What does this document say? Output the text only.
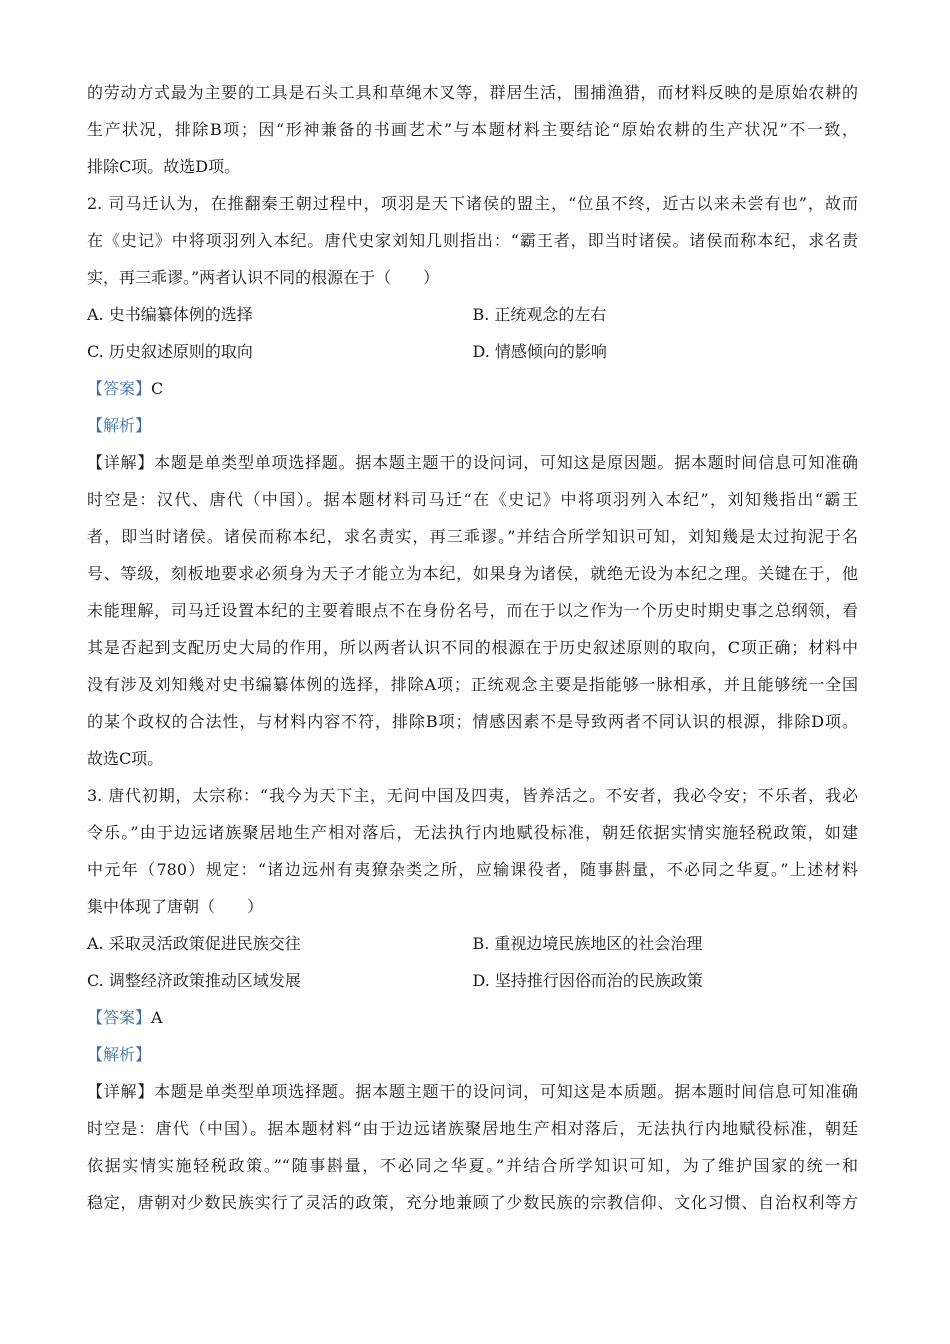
的劳动方式最为主要的工具是石头工具和草绳木叉等，群居生活，围捕渔猎，而材料反映的是原始农耕的
生产状况，排除B项；因“形神兼备的书画艺术”与本题材料主要结论“原始农耕的生产状况”不一致，
排除C项。故选D项。
2. 司马迁认为，在推翻秦王朝过程中，项羽是天下诸侯的盟主，“位虽不终，近古以来未尝有也”，故而
在《史记》中将项羽列入本纪。唐代史家刘知几则指出：“霸王者，即当时诸侯。诸侯而称本纪，求名责
实，再三乖谬。”两者认识不同的根源在于（　　）
A. 史书编纂体例的选择	B. 正统观念的左右
C. 历史叙述原则的取向	D. 情感倾向的影响
【答案】C
【解析】
【详解】本题是单类型单项选择题。据本题主题干的设问词，可知这是原因题。据本题时间信息可知准确
时空是：汉代、唐代（中国）。据本题材料司马迁“在《史记》中将项羽列入本纪”，刘知幾指出“霸王
者，即当时诸侯。诸侯而称本纪，求名责实，再三乖谬。”并结合所学知识可知，刘知幾是太过拘泥于名
号、等级，刻板地要求必须身为天子才能立为本纪，如果身为诸侯，就绝无设为本纪之理。关键在于，他
未能理解，司马迁设置本纪的主要着眼点不在身份名号，而在于以之作为一个历史时期史事之总纲领，看
其是否起到支配历史大局的作用，所以两者认识不同的根源在于历史叙述原则的取向，C项正确；材料中
没有涉及刘知幾对史书编纂体例的选择，排除A项；正统观念主要是指能够一脉相承，并且能够统一全国
的某个政权的合法性，与材料内容不符，排除B项；情感因素不是导致两者不同认识的根源，排除D项。
故选C项。
3. 唐代初期，太宗称：“我今为天下主，无问中国及四夷，皆养活之。不安者，我必令安；不乐者，我必
令乐。”由于边远诸族聚居地生产相对落后，无法执行内地赋役标准，朝廷依据实情实施轻税政策，如建
中元年（780）规定：“诸边远州有夷獠杂类之所，应输课役者，随事斟量，不必同之华夏。”上述材料
集中体现了唐朝（　　）
A. 采取灵活政策促进民族交往	B. 重视边境民族地区的社会治理
C. 调整经济政策推动区域发展	D. 坚持推行因俗而治的民族政策
【答案】A
【解析】
【详解】本题是单类型单项选择题。据本题主题干的设问词，可知这是本质题。据本题时间信息可知准确
时空是：唐代（中国）。据本题材料“由于边远诸族聚居地生产相对落后，无法执行内地赋役标准，朝廷
依据实情实施轻税政策。”“随事斟量，不必同之华夏。”并结合所学知识可知，为了维护国家的统一和
稳定，唐朝对少数民族实行了灵活的政策，充分地兼顾了少数民族的宗教信仰、文化习惯、自治权利等方
